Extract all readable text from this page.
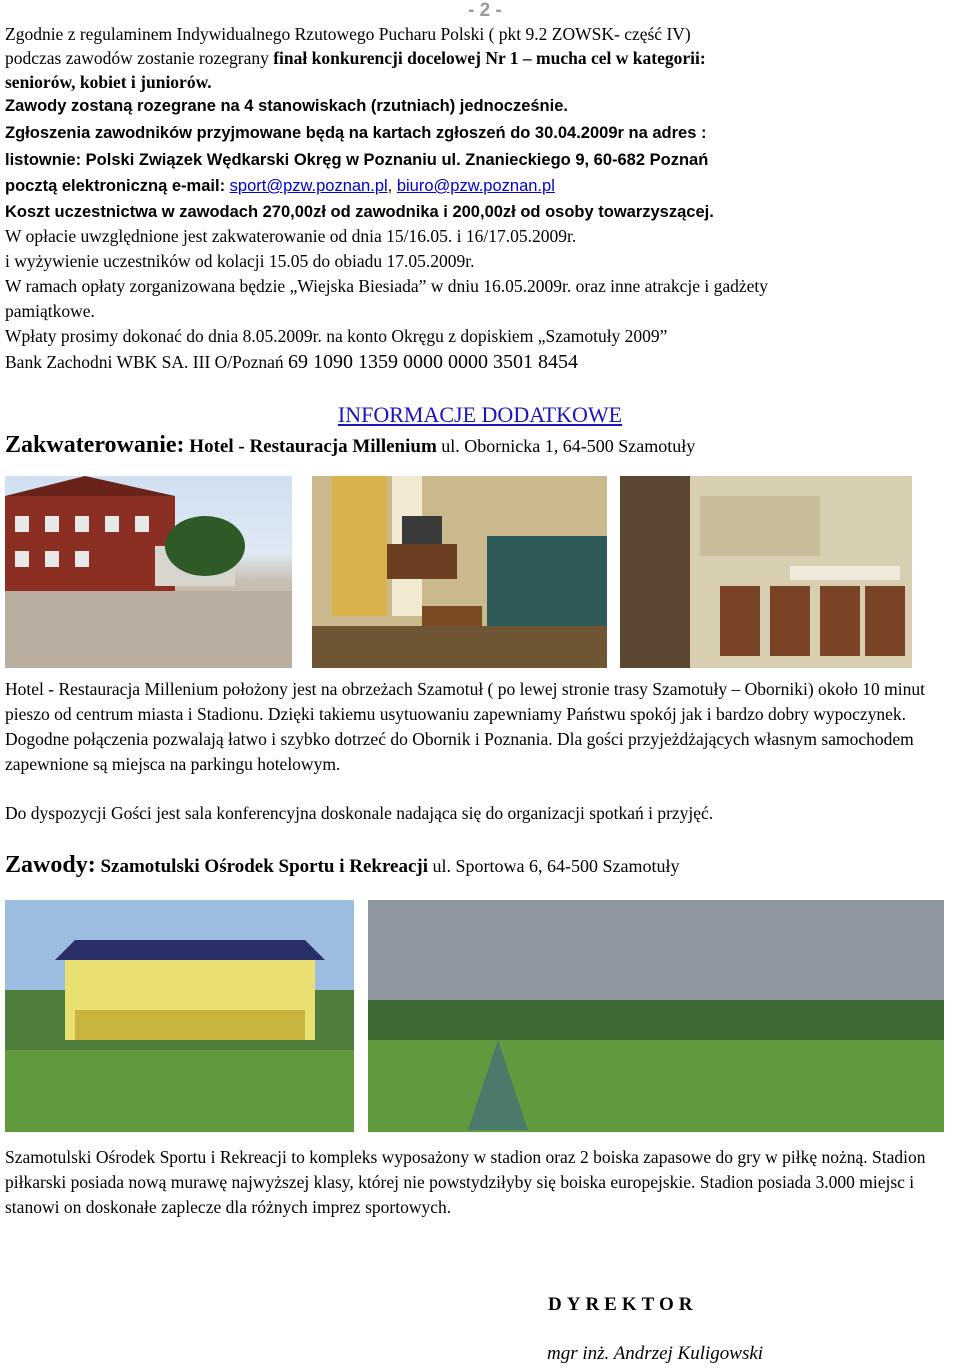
- 2 -
Zgodnie z regulaminem Indywidualnego Rzutowego Pucharu Polski ( pkt 9.2 ZOWSK- część IV)
podczas zawodów zostanie rozegrany finał konkurencji docelowej Nr 1 – mucha cel w kategorii:
seniorów, kobiet i juniorów.
Zawody zostaną rozegrane na 4 stanowiskach (rzutniach) jednocześnie.
Zgłoszenia zawodników przyjmowane będą na kartach zgłoszeń do 30.04.2009r na adres :
listownie: Polski Związek Wędkarski Okręg w Poznaniu ul. Znanieckiego 9, 60-682 Poznań
pocztą elektroniczną e-mail: sport@pzw.poznan.pl, biuro@pzw.poznan.pl
Koszt uczestnictwa w zawodach 270,00zł od zawodnika i 200,00zł od osoby towarzyszącej.
W opłacie uwzględnione jest zakwaterowanie od dnia 15/16.05. i 16/17.05.2009r.
i wyżywienie uczestników od kolacji 15.05 do obiadu 17.05.2009r.
W ramach opłaty zorganizowana będzie „Wiejska Biesiada” w dniu 16.05.2009r. oraz inne atrakcje i gadżety
pamiątkowe.
Wpłaty prosimy dokonać do dnia 8.05.2009r. na konto Okręgu z dopiskiem „Szamotuły 2009”
Bank Zachodni WBK SA. III O/Poznań 69 1090 1359 0000 0000 3501 8454
INFORMACJE DODATKOWE
Zakwaterowanie: Hotel - Restauracja Millenium ul. Obornicka 1, 64-500 Szamotuły
Hotel - Restauracja Millenium położony jest na obrzeżach Szamotuł ( po lewej stronie trasy Szamotuły – Oborniki) około 10 minut pieszo od centrum miasta i Stadionu. Dzięki takiemu usytuowaniu zapewniamy Państwu spokój jak i bardzo dobry wypoczynek. Dogodne połączenia pozwalają łatwo i szybko dotrzeć do Obornik i Poznania. Dla gości przyjeżdżających własnym samochodem zapewnione są miejsca na parkingu hotelowym.
Do dyspozycji Gości jest sala konferencyjna doskonale nadająca się do organizacji spotkań i przyjęć.
Zawody: Szamotulski Ośrodek Sportu i Rekreacji ul. Sportowa 6, 64-500 Szamotuły
Szamotulski Ośrodek Sportu i Rekreacji to kompleks wyposażony w stadion oraz 2 boiska zapasowe do gry w piłkę nożną. Stadion piłkarski posiada nową murawę najwyższej klasy, której nie powstydziłyby się boiska europejskie. Stadion posiada 3.000 miejsc i stanowi on doskonałe zaplecze dla różnych imprez sportowych.
DYREKTOR
mgr inż. Andrzej Kuligowski
